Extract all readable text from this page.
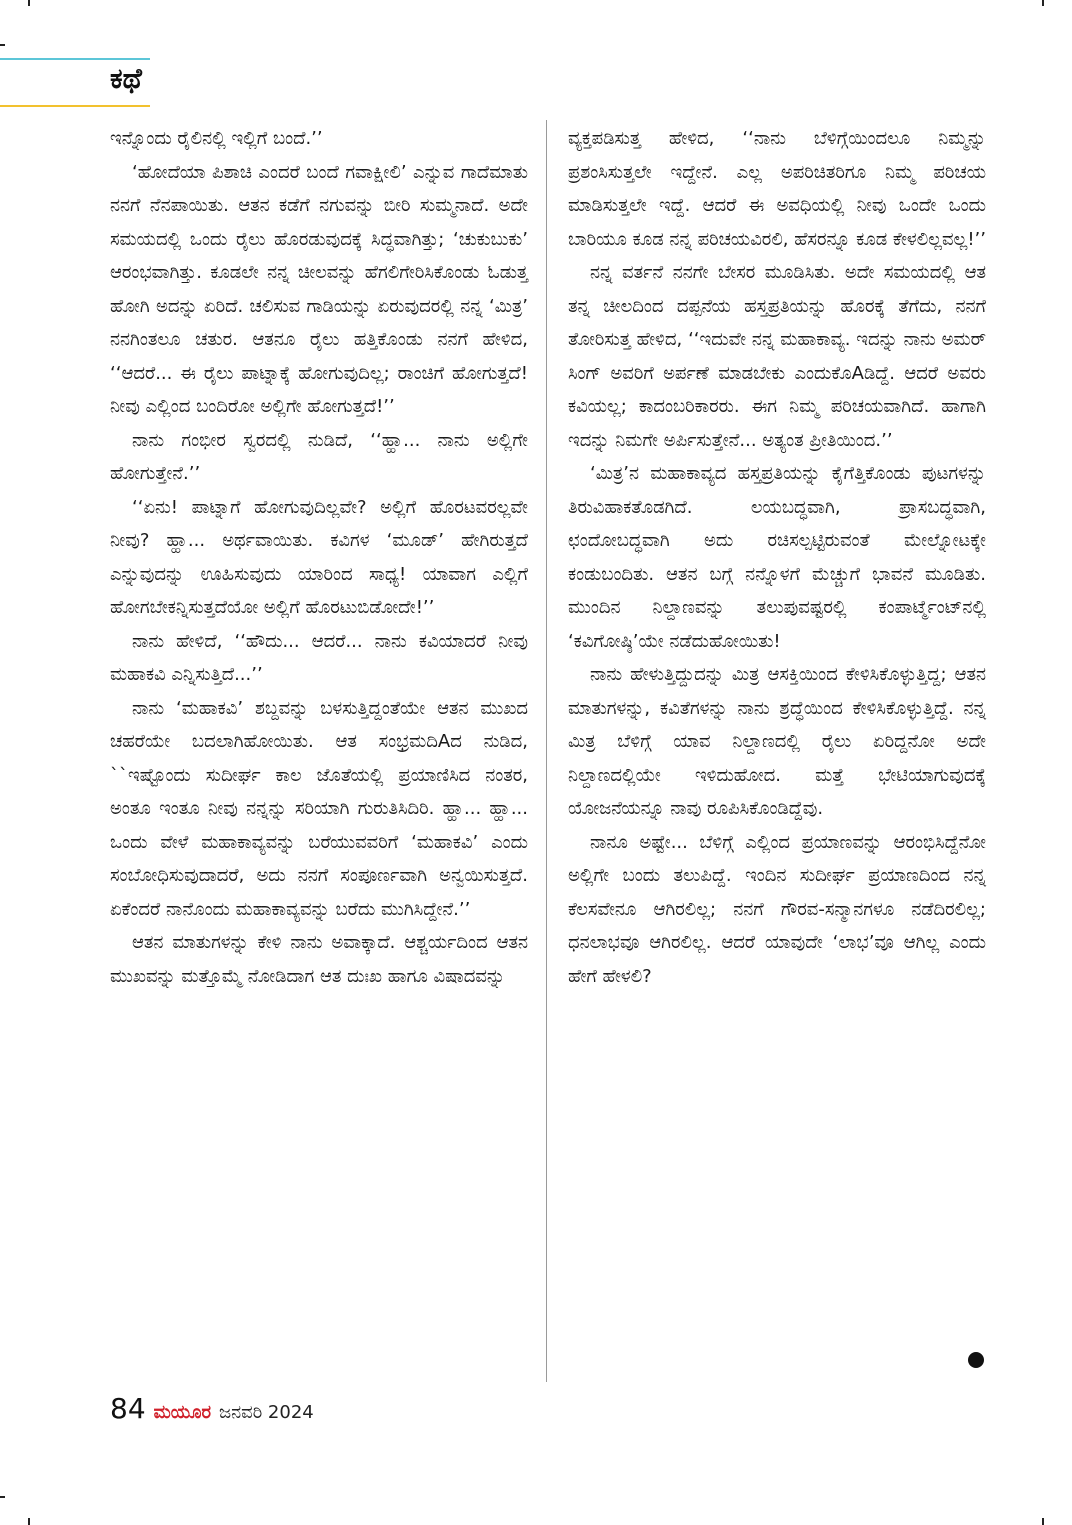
ಕಥೆ

ಇನ್ನೊಂದು ರೈಲಿನಲ್ಲಿ ಇಲ್ಲಿಗೆ ಬಂದೆ.’’

‘ಹೋದೆಯಾ ಪಿಶಾಚಿ ಎಂದರೆ ಬಂದೆ ಗವಾಕ್ಷೀಲಿ’ ಎನ್ನುವ ಗಾದೆಮಾತು ನನಗೆ ನೆನಪಾಯಿತು. ಆತನ ಕಡೆಗೆ ನಗುವನ್ನು ಬೀರಿ ಸುಮ್ಮನಾದೆ. ಅದೇ ಸಮಯದಲ್ಲಿ ಒಂದು ರೈಲು ಹೊರಡುವುದಕ್ಕೆ ಸಿದ್ಧವಾಗಿತ್ತು; ‘ಚುಕುಬುಕು’ ಆರಂಭವಾಗಿತ್ತು. ಕೂಡಲೇ ನನ್ನ ಚೀಲವನ್ನು ಹೆಗಲಿಗೇರಿಸಿಕೊಂಡು ಓಡುತ್ತ ಹೋಗಿ ಅದನ್ನು ಏರಿದೆ. ಚಲಿಸುವ ಗಾಡಿಯನ್ನು ಏರುವುದರಲ್ಲಿ ನನ್ನ ‘ಮಿತ್ರ’ ನನಗಿಂತಲೂ ಚತುರ. ಆತನೂ ರೈಲು ಹತ್ತಿಕೊಂಡು ನನಗೆ ಹೇಳಿದ, ‘‘ಆದರೆ... ಈ ರೈಲು ಪಾಟ್ನಾಕ್ಕೆ ಹೋಗುವುದಿಲ್ಲ; ರಾಂಚಿಗೆ ಹೋಗುತ್ತದೆ! ನೀವು ಎಲ್ಲಿಂದ ಬಂದಿರೋ ಅಲ್ಲಿಗೇ ಹೋಗುತ್ತದೆ!’’

ನಾನು ಗಂಭೀರ ಸ್ವರದಲ್ಲಿ ನುಡಿದೆ, ‘‘ಹ್ಹಾ... ನಾನು ಅಲ್ಲಿಗೇ ಹೋಗುತ್ತೇನೆ.’’

‘‘ಏನು! ಪಾಟ್ನಾಗೆ ಹೋಗುವುದಿಲ್ಲವೇ? ಅಲ್ಲಿಗೆ ಹೊರಟವರಲ್ಲವೇ ನೀವು? ಹ್ಹಾ... ಅರ್ಥವಾಯಿತು. ಕವಿಗಳ ‘ಮೂಡ್’ ಹೇಗಿರುತ್ತದೆ ಎನ್ನುವುದನ್ನು ಊಹಿಸುವುದು ಯಾರಿಂದ ಸಾಧ್ಯ! ಯಾವಾಗ ಎಲ್ಲಿಗೆ ಹೋಗಬೇಕನ್ನಿಸುತ್ತದೆಯೋ ಅಲ್ಲಿಗೆ ಹೊರಟುಬಿಡೋದೇ!’’

ನಾನು ಹೇಳಿದೆ, ‘‘ಹೌದು... ಆದರೆ... ನಾನು ಕವಿಯಾದರೆ ನೀವು ಮಹಾಕವಿ ಎನ್ನಿಸುತ್ತಿದೆ...’’

ನಾನು ‘ಮಹಾಕವಿ’ ಶಬ್ದವನ್ನು ಬಳಸುತ್ತಿದ್ದಂತೆಯೇ ಆತನ ಮುಖದ ಚಹರೆಯೇ ಬದಲಾಗಿಹೋಯಿತು. ಆತ ಸಂಭ್ರಮದಿAದ ನುಡಿದ, ``ಇಷ್ಟೊಂದು ಸುದೀರ್ಘ ಕಾಲ ಜೊತೆಯಲ್ಲಿ ಪ್ರಯಾಣಿಸಿದ ನಂತರ, ಅಂತೂ ಇಂತೂ ನೀವು ನನ್ನನ್ನು ಸರಿಯಾಗಿ ಗುರುತಿಸಿದಿರಿ. ಹ್ಹಾ... ಹ್ಹಾ... ಒಂದು ವೇಳೆ ಮಹಾಕಾವ್ಯವನ್ನು ಬರೆಯುವವರಿಗೆ ‘ಮಹಾಕವಿ’ ಎಂದು ಸಂಬೋಧಿಸುವುದಾದರೆ, ಅದು ನನಗೆ ಸಂಪೂರ್ಣವಾಗಿ ಅನ್ವಯಿಸುತ್ತದೆ. ಏಕೆಂದರೆ ನಾನೊಂದು ಮಹಾಕಾವ್ಯವನ್ನು ಬರೆದು ಮುಗಿಸಿದ್ದೇನೆ.’’

ಆತನ ಮಾತುಗಳನ್ನು ಕೇಳಿ ನಾನು ಅವಾಕ್ಕಾದೆ. ಆಶ್ಚರ್ಯದಿಂದ ಆತನ ಮುಖವನ್ನು ಮತ್ತೊಮ್ಮೆ ನೋಡಿದಾಗ ಆತ ದುಃಖ ಹಾಗೂ ವಿಷಾದವನ್ನು

ವ್ಯಕ್ತಪಡಿಸುತ್ತ ಹೇಳಿದ, ‘‘ನಾನು ಬೆಳಿಗ್ಗೆಯಿಂದಲೂ ನಿಮ್ಮನ್ನು ಪ್ರಶಂಸಿಸುತ್ತಲೇ ಇದ್ದೇನೆ. ಎಲ್ಲ ಅಪರಿಚಿತರಿಗೂ ನಿಮ್ಮ ಪರಿಚಯ ಮಾಡಿಸುತ್ತಲೇ ಇದ್ದೆ. ಆದರೆ ಈ ಅವಧಿಯಲ್ಲಿ ನೀವು ಒಂದೇ ಒಂದು ಬಾರಿಯೂ ಕೂಡ ನನ್ನ ಪರಿಚಯವಿರಲಿ, ಹೆಸರನ್ನೂ ಕೂಡ ಕೇಳಲಿಲ್ಲವಲ್ಲ!’’

ನನ್ನ ವರ್ತನೆ ನನಗೇ ಬೇಸರ ಮೂಡಿಸಿತು. ಅದೇ ಸಮಯದಲ್ಲಿ ಆತ ತನ್ನ ಚೀಲದಿಂದ ದಪ್ಪನೆಯ ಹಸ್ತಪ್ರತಿಯನ್ನು ಹೊರಕ್ಕೆ ತೆಗೆದು, ನನಗೆ ತೋರಿಸುತ್ತ ಹೇಳಿದ, ‘‘ಇದುವೇ ನನ್ನ ಮಹಾಕಾವ್ಯ. ಇದನ್ನು ನಾನು ಅಮರ್ ಸಿಂಗ್ ಅವರಿಗೆ ಅರ್ಪಣೆ ಮಾಡಬೇಕು ಎಂದುಕೊAಡಿದ್ದೆ. ಆದರೆ ಅವರು ಕವಿಯಲ್ಲ; ಕಾದಂಬರಿಕಾರರು. ಈಗ ನಿಮ್ಮ ಪರಿಚಯವಾಗಿದೆ. ಹಾಗಾಗಿ ಇದನ್ನು ನಿಮಗೇ ಅರ್ಪಿಸುತ್ತೇನೆ... ಅತ್ಯಂತ ಪ್ರೀತಿಯಿಂದ.’’

‘ಮಿತ್ರ’ನ ಮಹಾಕಾವ್ಯದ ಹಸ್ತಪ್ರತಿಯನ್ನು ಕೈಗೆತ್ತಿಕೊಂಡು ಪುಟಗಳನ್ನು ತಿರುವಿಹಾಕತೊಡಗಿದೆ. ಲಯಬದ್ಧವಾಗಿ, ಪ್ರಾಸಬದ್ಧವಾಗಿ, ಛಂದೋಬದ್ಧವಾಗಿ ಅದು ರಚಿಸಲ್ಪಟ್ಟಿರುವಂತೆ ಮೇಲ್ನೋಟಕ್ಕೇ ಕಂಡುಬಂದಿತು. ಆತನ ಬಗ್ಗೆ ನನ್ನೊಳಗೆ ಮೆಚ್ಚುಗೆ ಭಾವನೆ ಮೂಡಿತು. ಮುಂದಿನ ನಿಲ್ದಾಣವನ್ನು ತಲುಪುವಷ್ಟರಲ್ಲಿ ಕಂಪಾರ್ಟ್ಮೆಂಟ್‌ನಲ್ಲಿ ‘ಕವಿಗೋಷ್ಠಿ’ಯೇ ನಡೆದುಹೋಯಿತು!

ನಾನು ಹೇಳುತ್ತಿದ್ದುದನ್ನು ಮಿತ್ರ ಆಸಕ್ತಿಯಿಂದ ಕೇಳಿಸಿಕೊಳ್ಳುತ್ತಿದ್ದ; ಆತನ ಮಾತುಗಳನ್ನು, ಕವಿತೆಗಳನ್ನು ನಾನು ಶ್ರದ್ಧೆಯಿಂದ ಕೇಳಿಸಿಕೊಳ್ಳುತ್ತಿದ್ದೆ. ನನ್ನ ಮಿತ್ರ ಬೆಳಿಗ್ಗೆ ಯಾವ ನಿಲ್ದಾಣದಲ್ಲಿ ರೈಲು ಏರಿದ್ದನೋ ಅದೇ ನಿಲ್ದಾಣದಲ್ಲಿಯೇ ಇಳಿದುಹೋದ. ಮತ್ತೆ ಭೇಟಿಯಾಗುವುದಕ್ಕೆ ಯೋಜನೆಯನ್ನೂ ನಾವು ರೂಪಿಸಿಕೊಂಡಿದ್ದೆವು.

ನಾನೂ ಅಷ್ಟೇ... ಬೆಳಿಗ್ಗೆ ಎಲ್ಲಿಂದ ಪ್ರಯಾಣವನ್ನು ಆರಂಭಿಸಿದ್ದೆನೋ ಅಲ್ಲಿಗೇ ಬಂದು ತಲುಪಿದ್ದೆ. ಇಂದಿನ ಸುದೀರ್ಘ ಪ್ರಯಾಣದಿಂದ ನನ್ನ ಕೆಲಸವೇನೂ ಆಗಿರಲಿಲ್ಲ; ನನಗೆ ಗೌರವ-ಸನ್ಮಾನಗಳೂ ನಡೆದಿರಲಿಲ್ಲ; ಧನಲಾಭವೂ ಆಗಿರಲಿಲ್ಲ. ಆದರೆ ಯಾವುದೇ ‘ಲಾಭ’ವೂ ಆಗಿಲ್ಲ ಎಂದು ಹೇಗೆ ಹೇಳಲಿ?

84 ಮಯೂರ ಜನವರಿ 2024
